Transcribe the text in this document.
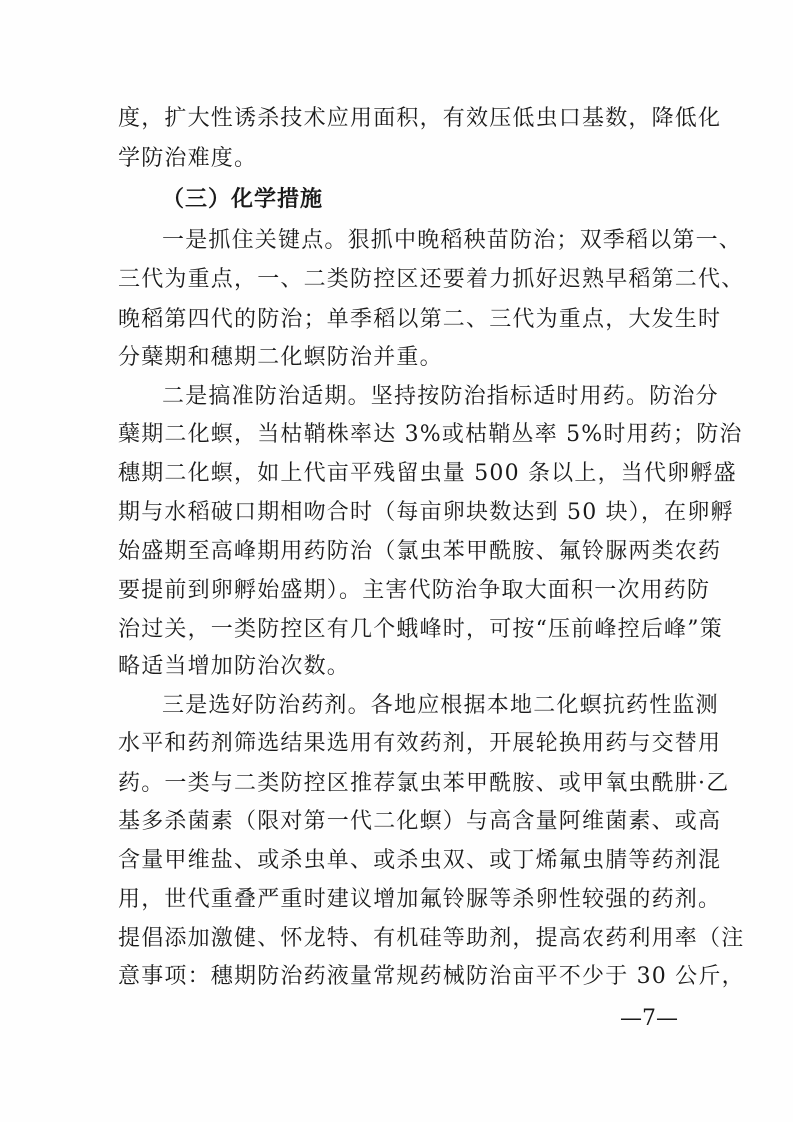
度，扩大性诱杀技术应用面积，有效压低虫口基数，降低化
学防治难度。
（三）化学措施
一是抓住关键点。狠抓中晚稻秧苗防治；双季稻以第一、
三代为重点，一、二类防控区还要着力抓好迟熟早稻第二代、
晚稻第四代的防治；单季稻以第二、三代为重点，大发生时
分蘖期和穗期二化螟防治并重。
二是搞准防治适期。坚持按防治指标适时用药。防治分
蘖期二化螟，当枯鞘株率达 3%或枯鞘丛率 5%时用药；防治
穗期二化螟，如上代亩平残留虫量 500 条以上，当代卵孵盛
期与水稻破口期相吻合时（每亩卵块数达到 50 块），在卵孵
始盛期至高峰期用药防治（氯虫苯甲酰胺、氟铃脲两类农药
要提前到卵孵始盛期）。主害代防治争取大面积一次用药防
治过关，一类防控区有几个蛾峰时，可按“压前峰控后峰”策
略适当增加防治次数。
三是选好防治药剂。各地应根据本地二化螟抗药性监测
水平和药剂筛选结果选用有效药剂，开展轮换用药与交替用
药。一类与二类防控区推荐氯虫苯甲酰胺、或甲氧虫酰肼·乙
基多杀菌素（限对第一代二化螟）与高含量阿维菌素、或高
含量甲维盐、或杀虫单、或杀虫双、或丁烯氟虫腈等药剂混
用，世代重叠严重时建议增加氟铃脲等杀卵性较强的药剂。
提倡添加激健、怀龙特、有机硅等助剂，提高农药利用率（注
意事项：穗期防治药液量常规药械防治亩平不少于 30 公斤，
—7—
